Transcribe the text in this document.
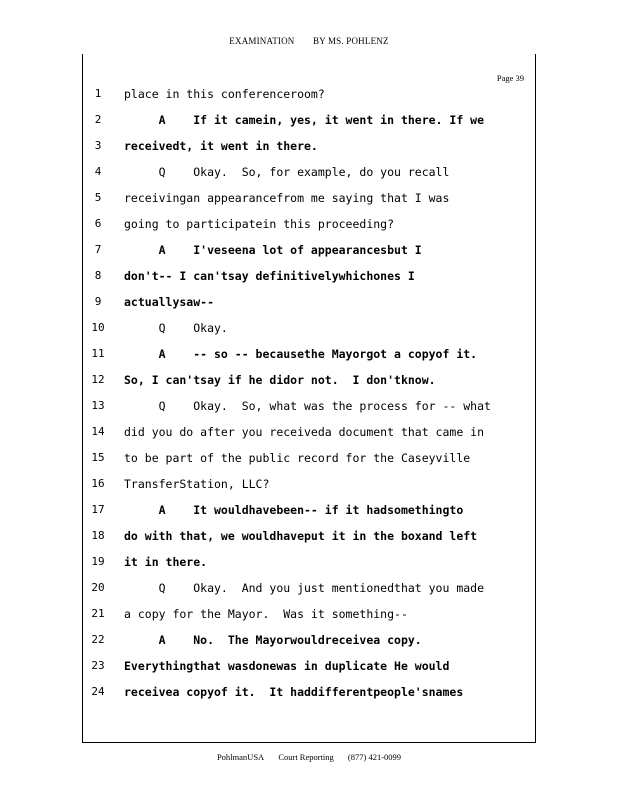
EXAMINATION BY MS. POHLENZ
Page 39
1	place in this conferenceroom?
2	A    If it camein, yes, it went in there. If we
3	receivedt, it went in there.
4	Q    Okay.  So, for example, do you recall
5	receivingan appearancefrom me saying that I was
6	going to participatein this proceeding?
7	A    I'veseena lot of appearancesbut I
8	don't-- I can'tsay definitivelywhichones I
9	actuallysaw--
10 Q    Okay.
11 A    -- so -- becausethe Mayorgot a copyof it.
12 So, I can'tsay if he didor not.  I don'tknow.
13 Q    Okay.  So, what was the process for -- what
14 did you do after you receiveda document that came in
15 to be part of the public record for the Caseyville
16 TransferStation, LLC?
17 A    It wouldhavebeen-- if it hadsomethingto
18 do with that, we wouldhaveput it in the boxand left
19 it in there.
20 Q    Okay.  And you just mentionedthat you made
21 a copy for the Mayor.  Was it something--
22 A    No.  The Mayorwouldreceivea copy.
23 Everythingthat wasdonewas in duplicate He would
24 receivea copyof it.  It haddifferentpeople'snames
PohlmanUSA Court Reporting (877) 421-0099
